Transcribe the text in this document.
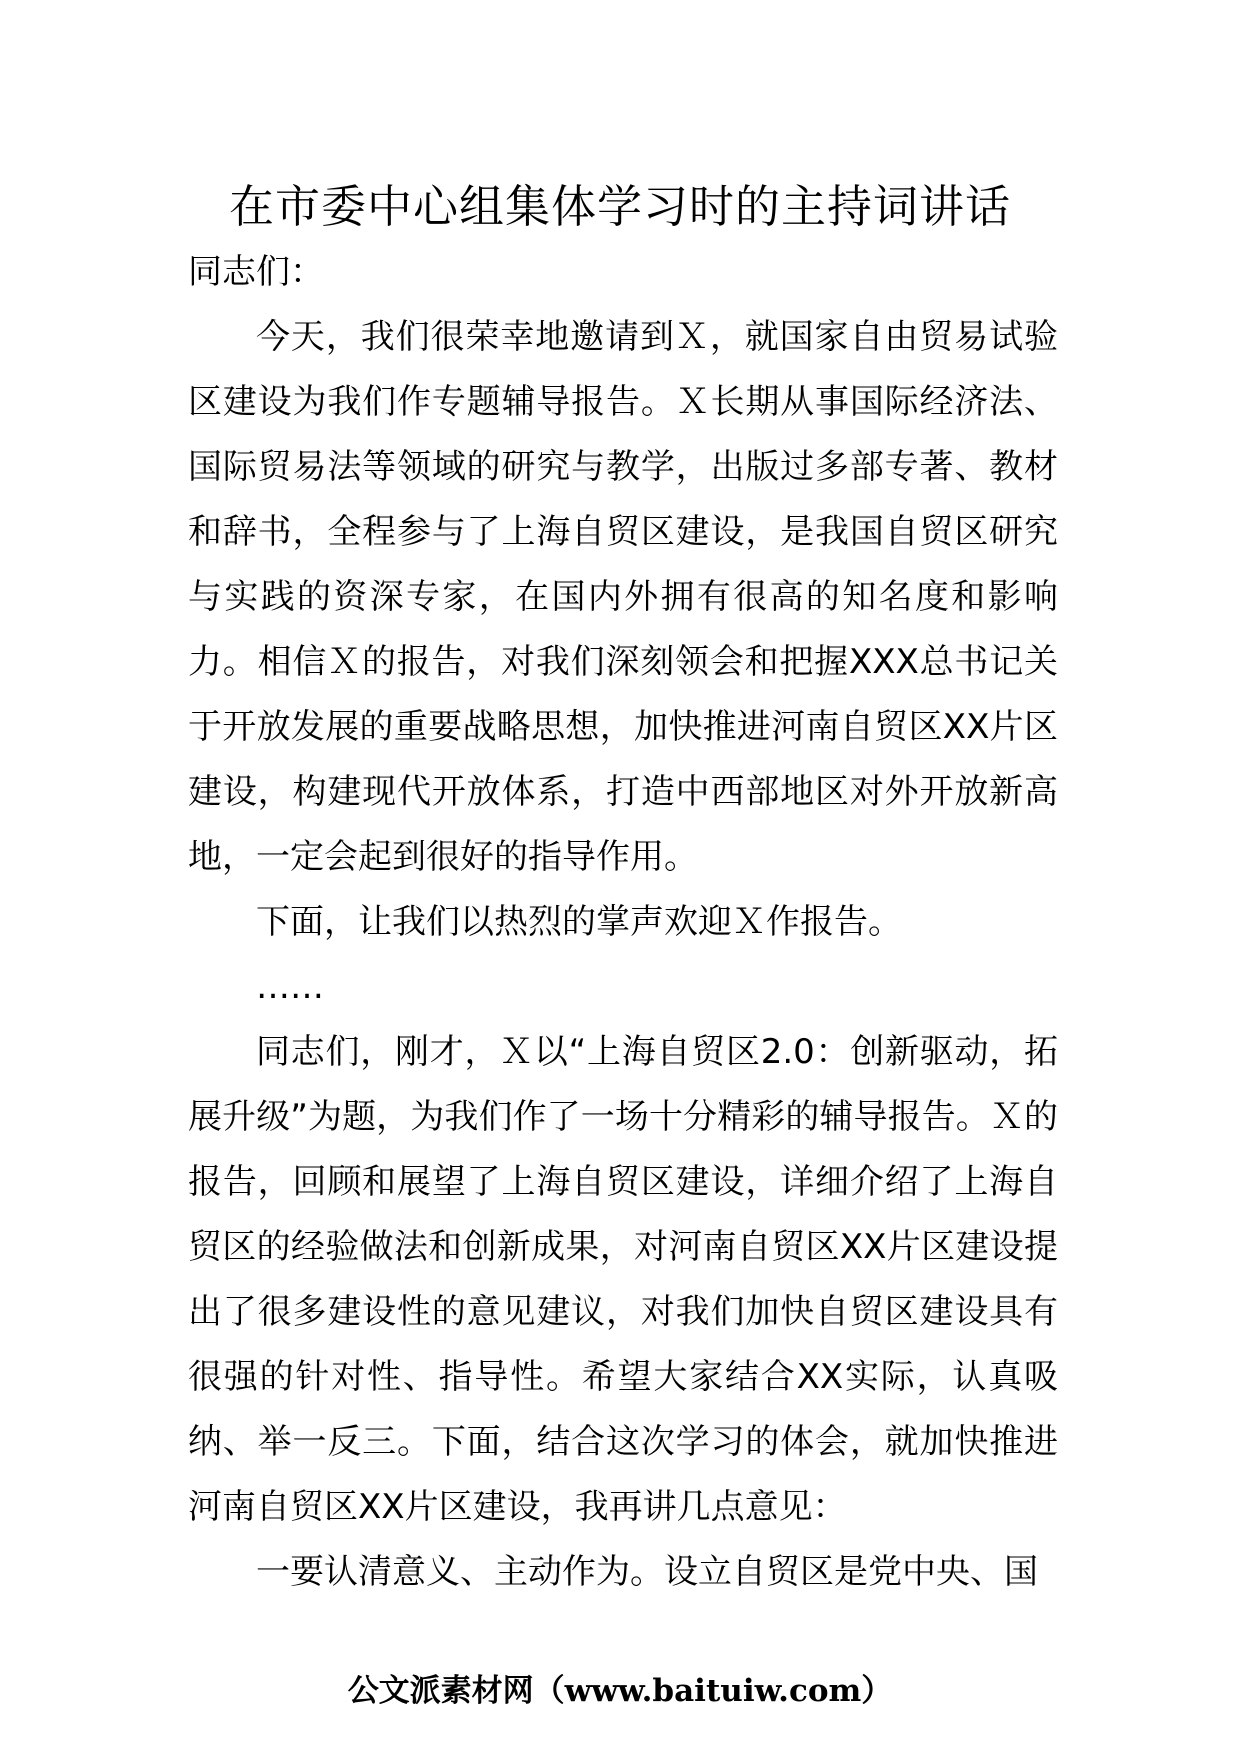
在市委中心组集体学习时的主持词讲话

同志们：

今天，我们很荣幸地邀请到Ｘ，就国家自由贸易试验区建设为我们作专题辅导报告。Ｘ长期从事国际经济法、国际贸易法等领域的研究与教学，出版过多部专著、教材和辞书，全程参与了上海自贸区建设，是我国自贸区研究与实践的资深专家，在国内外拥有很高的知名度和影响力。相信Ｘ的报告，对我们深刻领会和把握XXX总书记关于开放发展的重要战略思想，加快推进河南自贸区XX片区建设，构建现代开放体系，打造中西部地区对外开放新高地，一定会起到很好的指导作用。

下面，让我们以热烈的掌声欢迎Ｘ作报告。

……

同志们，刚才，Ｘ以“上海自贸区2.0：创新驱动，拓展升级”为题，为我们作了一场十分精彩的辅导报告。Ｘ的报告，回顾和展望了上海自贸区建设，详细介绍了上海自贸区的经验做法和创新成果，对河南自贸区XX片区建设提出了很多建设性的意见建议，对我们加快自贸区建设具有很强的针对性、指导性。希望大家结合XX实际，认真吸纳、举一反三。下面，结合这次学习的体会，就加快推进河南自贸区XX片区建设，我再讲几点意见：

一要认清意义、主动作为。设立自贸区是党中央、国

公文派素材网（www.baituiw.com）
